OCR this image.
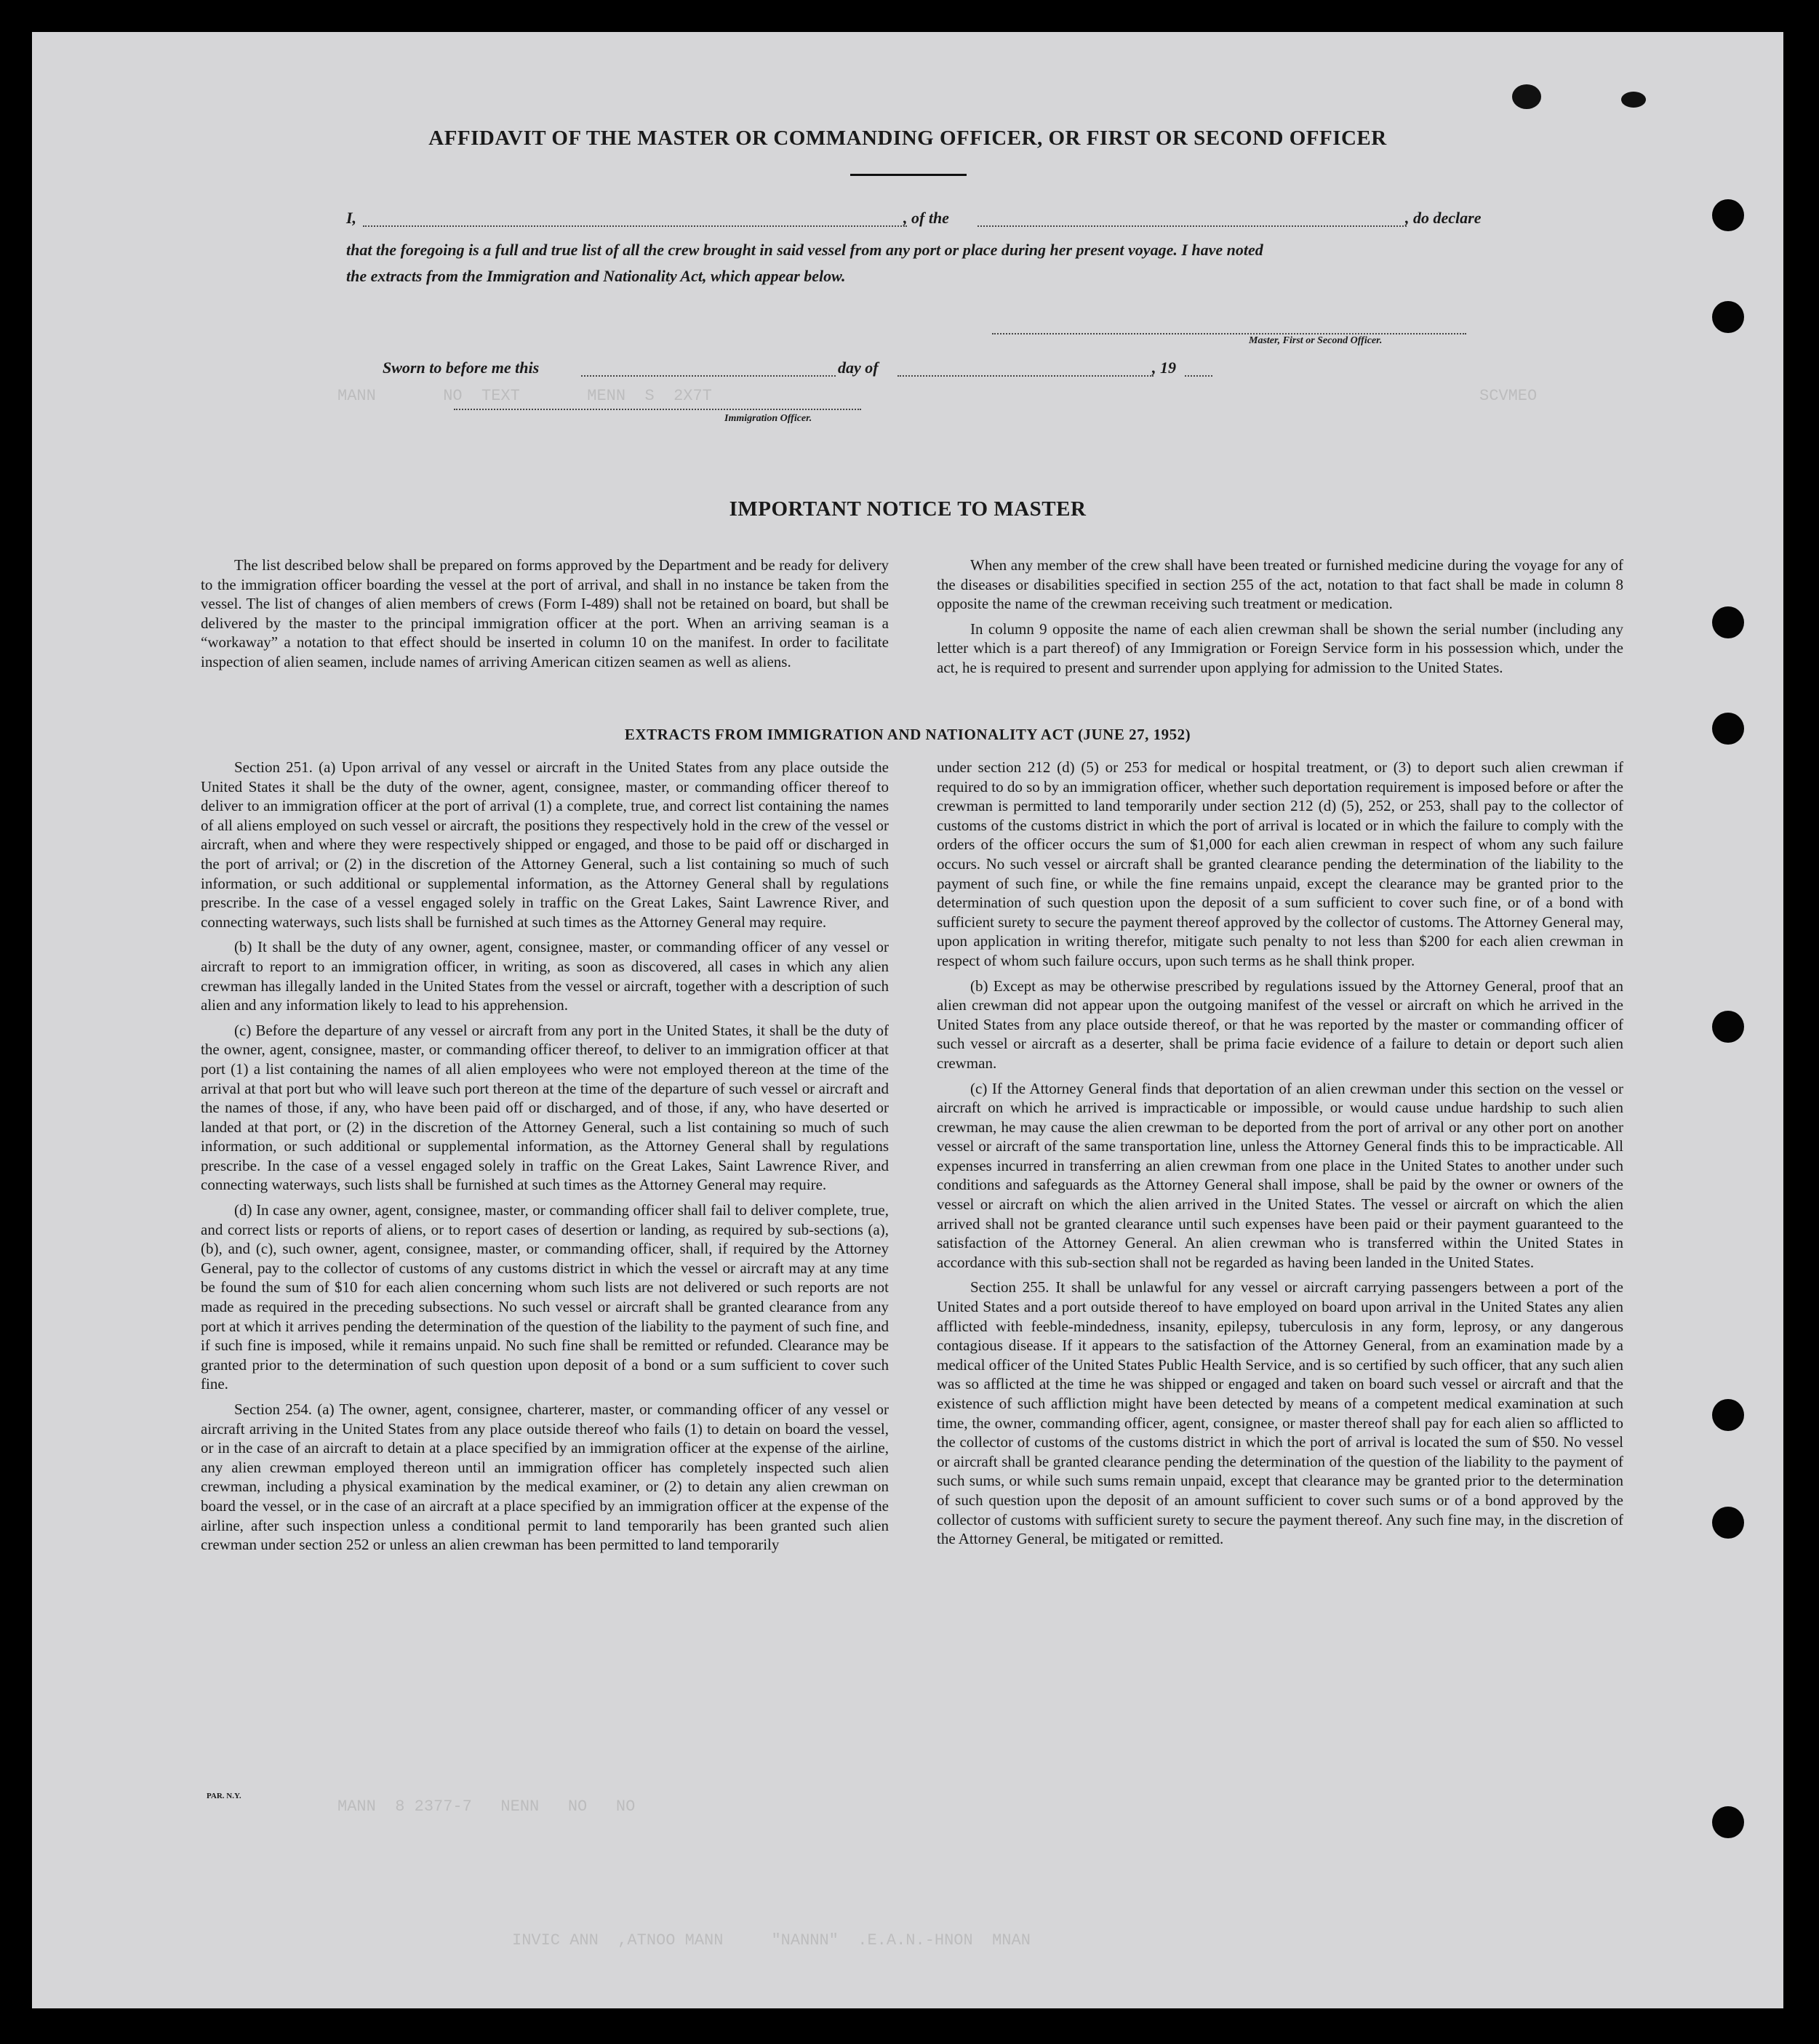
MANN       NO  TEXT       MENN  S  2X7T	SCVMEO
MANN  8 2377-7   NENN   NO   NO
INVIC ANN  ,ATNOO MANN     "NANNN"  .E.A.N.-HNON  MNAN
AFFIDAVIT OF THE MASTER OR COMMANDING OFFICER, OR FIRST OR SECOND OFFICER
I,	, of the	, do declare
that the foregoing is a full and true list of all the crew brought in said vessel from any port or place during her present voyage. I have noted
the extracts from the Immigration and Nationality Act, which appear below.
Master, First or Second Officer.
Sworn to before me this	day of	, 19
Immigration Officer.
IMPORTANT NOTICE TO MASTER

The list described below shall be prepared on forms approved by the Department and be ready for delivery to the immigration officer boarding the vessel at the port of arrival, and shall in no instance be taken from the vessel. The list of changes of alien members of crews (Form I-489) shall not be retained on board, but shall be delivered by the master to the principal immigration officer at the port. When an arriving seaman is a “workaway” a notation to that effect should be inserted in column 10 on the manifest. In order to facilitate inspection of alien seamen, include names of arriving American citizen seamen as well as aliens.

When any member of the crew shall have been treated or furnished medicine during the voyage for any of the diseases or disabilities specified in section 255 of the act, notation to that fact shall be made in column 8 opposite the name of the crewman receiving such treatment or medication.

In column 9 opposite the name of each alien crewman shall be shown the serial number (including any letter which is a part thereof) of any Immigration or Foreign Service form in his possession which, under the act, he is required to present and surrender upon applying for admission to the United States.

EXTRACTS FROM IMMIGRATION AND NATIONALITY ACT (JUNE 27, 1952)

Section 251. (a) Upon arrival of any vessel or aircraft in the United States from any place outside the United States it shall be the duty of the owner, agent, consignee, master, or commanding officer thereof to deliver to an immigration officer at the port of arrival (1) a complete, true, and correct list containing the names of all aliens employed on such vessel or aircraft, the positions they respectively hold in the crew of the vessel or aircraft, when and where they were respectively shipped or engaged, and those to be paid off or discharged in the port of arrival; or (2) in the discretion of the Attorney General, such a list containing so much of such information, or such additional or supplemental information, as the Attorney General shall by regulations prescribe. In the case of a vessel engaged solely in traffic on the Great Lakes, Saint Lawrence River, and connecting waterways, such lists shall be furnished at such times as the Attorney General may require.

(b) It shall be the duty of any owner, agent, consignee, master, or commanding officer of any vessel or aircraft to report to an immigration officer, in writing, as soon as discovered, all cases in which any alien crewman has illegally landed in the United States from the vessel or aircraft, together with a description of such alien and any information likely to lead to his apprehension.

(c) Before the departure of any vessel or aircraft from any port in the United States, it shall be the duty of the owner, agent, consignee, master, or commanding officer thereof, to deliver to an immigration officer at that port (1) a list containing the names of all alien employees who were not employed thereon at the time of the arrival at that port but who will leave such port thereon at the time of the departure of such vessel or aircraft and the names of those, if any, who have been paid off or discharged, and of those, if any, who have deserted or landed at that port, or (2) in the discretion of the Attorney General, such a list containing so much of such information, or such additional or supplemental information, as the Attorney General shall by regulations prescribe. In the case of a vessel engaged solely in traffic on the Great Lakes, Saint Lawrence River, and connecting waterways, such lists shall be furnished at such times as the Attorney General may require.

(d) In case any owner, agent, consignee, master, or commanding officer shall fail to deliver complete, true, and correct lists or reports of aliens, or to report cases of desertion or landing, as required by sub-sections (a), (b), and (c), such owner, agent, consignee, master, or commanding officer, shall, if required by the Attorney General, pay to the collector of customs of any customs district in which the vessel or aircraft may at any time be found the sum of $10 for each alien concerning whom such lists are not delivered or such reports are not made as required in the preceding subsections. No such vessel or aircraft shall be granted clearance from any port at which it arrives pending the determination of the question of the liability to the payment of such fine, and if such fine is imposed, while it remains unpaid. No such fine shall be remitted or refunded. Clearance may be granted prior to the determination of such question upon deposit of a bond or a sum sufficient to cover such fine.

Section 254. (a) The owner, agent, consignee, charterer, master, or commanding officer of any vessel or aircraft arriving in the United States from any place outside thereof who fails (1) to detain on board the vessel, or in the case of an aircraft to detain at a place specified by an immigration officer at the expense of the airline, any alien crewman employed thereon until an immigration officer has completely inspected such alien crewman, including a physical examination by the medical examiner, or (2) to detain any alien crewman on board the vessel, or in the case of an aircraft at a place specified by an immigration officer at the expense of the airline, after such inspection unless a conditional permit to land temporarily has been granted such alien crewman under section 252 or unless an alien crewman has been permitted to land temporarily

under section 212 (d) (5) or 253 for medical or hospital treatment, or (3) to deport such alien crewman if required to do so by an immigration officer, whether such deportation requirement is imposed before or after the crewman is permitted to land temporarily under section 212 (d) (5), 252, or 253, shall pay to the collector of customs of the customs district in which the port of arrival is located or in which the failure to comply with the orders of the officer occurs the sum of $1,000 for each alien crewman in respect of whom any such failure occurs. No such vessel or aircraft shall be granted clearance pending the determination of the liability to the payment of such fine, or while the fine remains unpaid, except the clearance may be granted prior to the determination of such question upon the deposit of a sum sufficient to cover such fine, or of a bond with sufficient surety to secure the payment thereof approved by the collector of customs. The Attorney General may, upon application in writing therefor, mitigate such penalty to not less than $200 for each alien crewman in respect of whom such failure occurs, upon such terms as he shall think proper.

(b) Except as may be otherwise prescribed by regulations issued by the Attorney General, proof that an alien crewman did not appear upon the outgoing manifest of the vessel or aircraft on which he arrived in the United States from any place outside thereof, or that he was reported by the master or commanding officer of such vessel or aircraft as a deserter, shall be prima facie evidence of a failure to detain or deport such alien crewman.

(c) If the Attorney General finds that deportation of an alien crewman under this section on the vessel or aircraft on which he arrived is impracticable or impossible, or would cause undue hardship to such alien crewman, he may cause the alien crewman to be deported from the port of arrival or any other port on another vessel or aircraft of the same transportation line, unless the Attorney General finds this to be impracticable. All expenses incurred in transferring an alien crewman from one place in the United States to another under such conditions and safeguards as the Attorney General shall impose, shall be paid by the owner or owners of the vessel or aircraft on which the alien arrived in the United States. The vessel or aircraft on which the alien arrived shall not be granted clearance until such expenses have been paid or their payment guaranteed to the satisfaction of the Attorney General. An alien crewman who is transferred within the United States in accordance with this sub-section shall not be regarded as having been landed in the United States.

Section 255. It shall be unlawful for any vessel or aircraft carrying passengers between a port of the United States and a port outside thereof to have employed on board upon arrival in the United States any alien afflicted with feeble-mindedness, insanity, epilepsy, tuberculosis in any form, leprosy, or any dangerous contagious disease. If it appears to the satisfaction of the Attorney General, from an examination made by a medical officer of the United States Public Health Service, and is so certified by such officer, that any such alien was so afflicted at the time he was shipped or engaged and taken on board such vessel or aircraft and that the existence of such affliction might have been detected by means of a competent medical examination at such time, the owner, commanding officer, agent, consignee, or master thereof shall pay for each alien so afflicted to the collector of customs of the customs district in which the port of arrival is located the sum of $50. No vessel or aircraft shall be granted clearance pending the determination of the question of the liability to the payment of such sums, or while such sums remain unpaid, except that clearance may be granted prior to the determination of such question upon the deposit of an amount sufficient to cover such sums or of a bond approved by the collector of customs with sufficient surety to secure the payment thereof. Any such fine may, in the discretion of the Attorney General, be mitigated or remitted.

PAR. N.Y.
